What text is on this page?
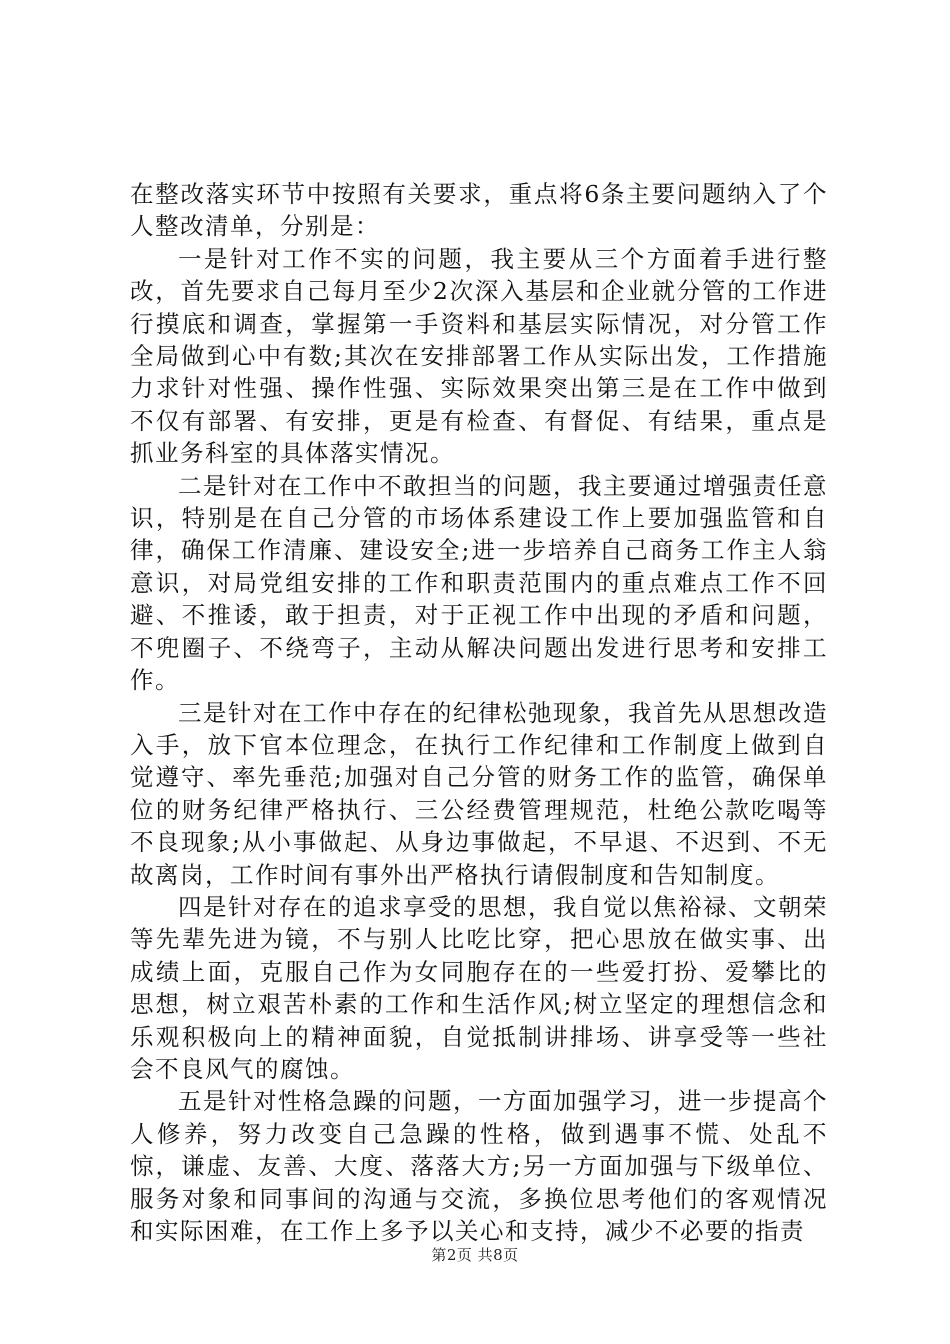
在整改落实环节中按照有关要求，重点将6条主要问题纳入了个人整改清单，分别是：

一是针对工作不实的问题，我主要从三个方面着手进行整改，首先要求自己每月至少2次深入基层和企业就分管的工作进行摸底和调查，掌握第一手资料和基层实际情况，对分管工作全局做到心中有数;其次在安排部署工作从实际出发，工作措施力求针对性强、操作性强、实际效果突出第三是在工作中做到不仅有部署、有安排，更是有检查、有督促、有结果，重点是抓业务科室的具体落实情况。

二是针对在工作中不敢担当的问题，我主要通过增强责任意识，特别是在自己分管的市场体系建设工作上要加强监管和自律，确保工作清廉、建设安全;进一步培养自己商务工作主人翁意识，对局党组安排的工作和职责范围内的重点难点工作不回避、不推诿，敢于担责，对于正视工作中出现的矛盾和问题，不兜圈子、不绕弯子，主动从解决问题出发进行思考和安排工作。

三是针对在工作中存在的纪律松弛现象，我首先从思想改造入手，放下官本位理念，在执行工作纪律和工作制度上做到自觉遵守、率先垂范;加强对自己分管的财务工作的监管，确保单位的财务纪律严格执行、三公经费管理规范，杜绝公款吃喝等不良现象;从小事做起、从身边事做起，不早退、不迟到、不无故离岗，工作时间有事外出严格执行请假制度和告知制度。

四是针对存在的追求享受的思想，我自觉以焦裕禄、文朝荣等先辈先进为镜，不与别人比吃比穿，把心思放在做实事、出成绩上面，克服自己作为女同胞存在的一些爱打扮、爱攀比的思想，树立艰苦朴素的工作和生活作风;树立坚定的理想信念和乐观积极向上的精神面貌，自觉抵制讲排场、讲享受等一些社会不良风气的腐蚀。

五是针对性格急躁的问题，一方面加强学习，进一步提高个人修养，努力改变自己急躁的性格，做到遇事不慌、处乱不惊，谦虚、友善、大度、落落大方;另一方面加强与下级单位、服务对象和同事间的沟通与交流，多换位思考他们的客观情况和实际困难，在工作上多予以关心和支持，减少不必要的指责

第2页 共8页
